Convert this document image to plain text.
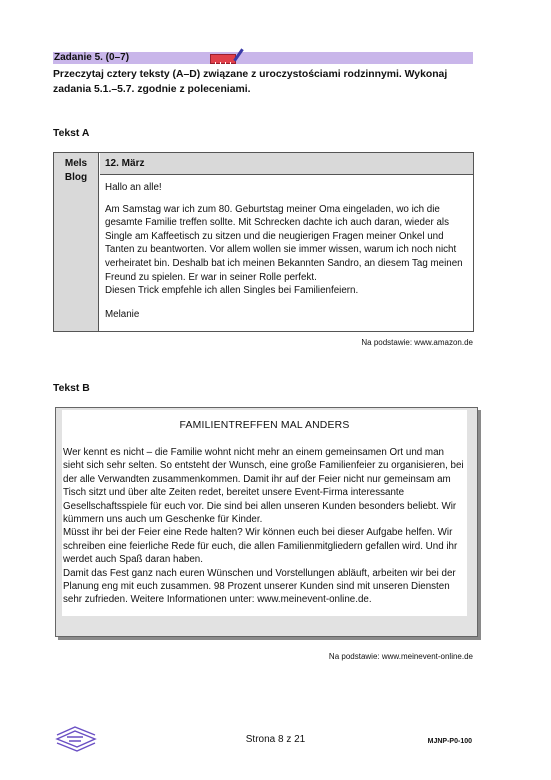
Zadanie 5. (0–7)
Przeczytaj cztery teksty (A–D) związane z uroczystościami rodzinnymi. Wykonaj zadania 5.1.–5.7. zgodnie z poleceniami.
Tekst A
Mels Blog
12. März

Hallo an alle!

Am Samstag war ich zum 80. Geburtstag meiner Oma eingeladen, wo ich die gesamte Familie treffen sollte. Mit Schrecken dachte ich auch daran, wieder als Single am Kaffeetisch zu sitzen und die neugierigen Fragen meiner Onkel und Tanten zu beantworten. Vor allem wollen sie immer wissen, warum ich noch nicht verheiratet bin. Deshalb bat ich meinen Bekannten Sandro, an diesem Tag meinen Freund zu spielen. Er war in seiner Rolle perfekt.
Diesen Trick empfehle ich allen Singles bei Familienfeiern.

Melanie

Na podstawie: www.amazon.de
Tekst B
FAMILIENTREFFEN MAL ANDERS
Wer kennt es nicht – die Familie wohnt nicht mehr an einem gemeinsamen Ort und man sieht sich sehr selten. So entsteht der Wunsch, eine große Familienfeier zu organisieren, bei der alle Verwandten zusammenkommen. Damit ihr auf der Feier nicht nur gemeinsam am Tisch sitzt und über alte Zeiten redet, bereitet unsere Event-Firma interessante Gesellschaftsspiele für euch vor. Die sind bei allen unseren Kunden besonders beliebt. Wir kümmern uns auch um Geschenke für Kinder.
Müsst ihr bei der Feier eine Rede halten? Wir können euch bei dieser Aufgabe helfen. Wir schreiben eine feierliche Rede für euch, die allen Familienmitgliedern gefallen wird. Und ihr werdet auch Spaß daran haben.
Damit das Fest ganz nach euren Wünschen und Vorstellungen abläuft, arbeiten wir bei der Planung eng mit euch zusammen. 98 Prozent unserer Kunden sind mit unseren Diensten sehr zufrieden. Weitere Informationen unter: www.meinevent-online.de.
Na podstawie: www.meinevent-online.de
Strona 8 z 21	MJNP-P0-100
